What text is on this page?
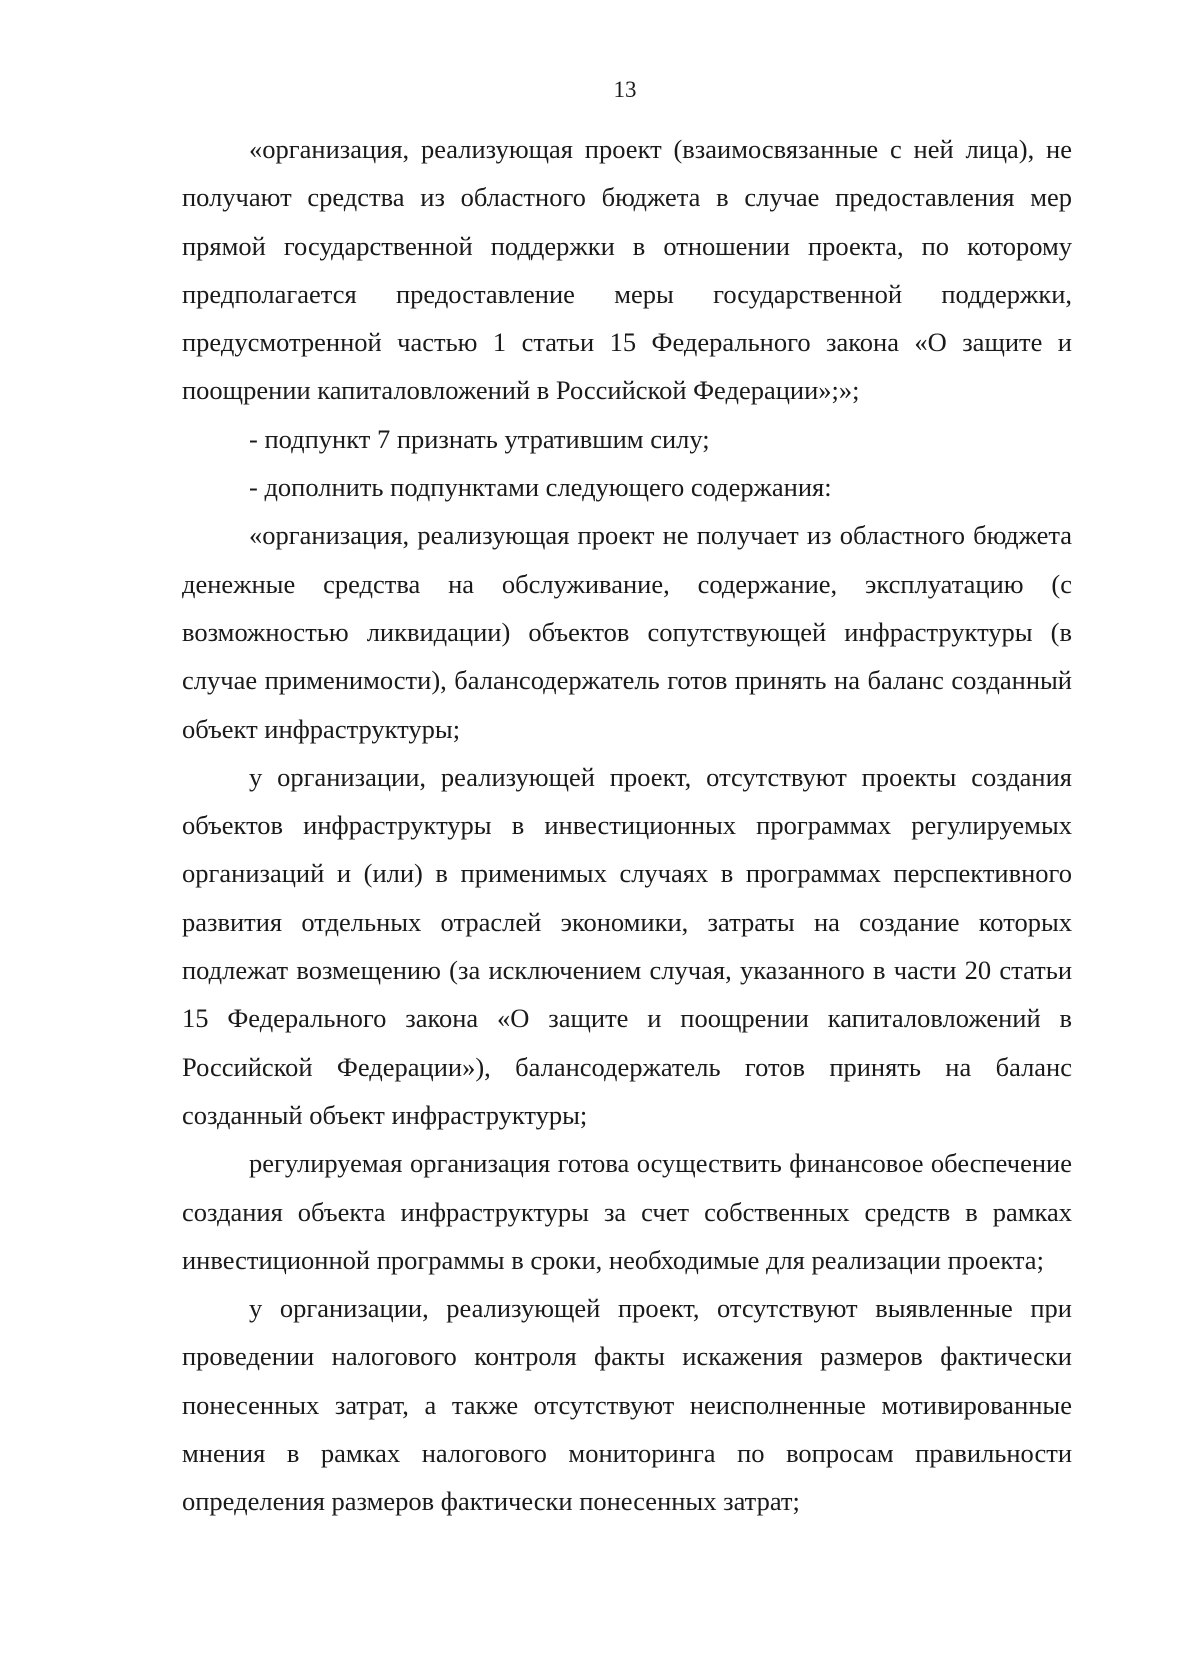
13

«организация, реализующая проект (взаимосвязанные с ней лица), не получают средства из областного бюджета в случае предоставления мер прямой государственной поддержки в отношении проекта, по которому предполагается предоставление меры государственной поддержки, предусмотренной частью 1 статьи 15 Федерального закона «О защите и поощрении капиталовложений в Российской Федерации»;»;

- подпункт 7 признать утратившим силу;

- дополнить подпунктами следующего содержания:

«организация, реализующая проект не получает из областного бюджета денежные средства на обслуживание, содержание, эксплуатацию (с возможностью ликвидации) объектов сопутствующей инфраструктуры (в случае применимости), балансодержатель готов принять на баланс созданный объект инфраструктуры;

у организации, реализующей проект, отсутствуют проекты создания объектов инфраструктуры в инвестиционных программах регулируемых организаций и (или) в применимых случаях в программах перспективного развития отдельных отраслей экономики, затраты на создание которых подлежат возмещению (за исключением случая, указанного в части 20 статьи 15 Федерального закона «О защите и поощрении капиталовложений в Российской Федерации»), балансодержатель готов принять на баланс созданный объект инфраструктуры;

регулируемая организация готова осуществить финансовое обеспечение создания объекта инфраструктуры за счет собственных средств в рамках инвестиционной программы в сроки, необходимые для реализации проекта;

у организации, реализующей проект, отсутствуют выявленные при проведении налогового контроля факты искажения размеров фактически понесенных затрат, а также отсутствуют неисполненные мотивированные мнения в рамках налогового мониторинга по вопросам правильности определения размеров фактически понесенных затрат;
